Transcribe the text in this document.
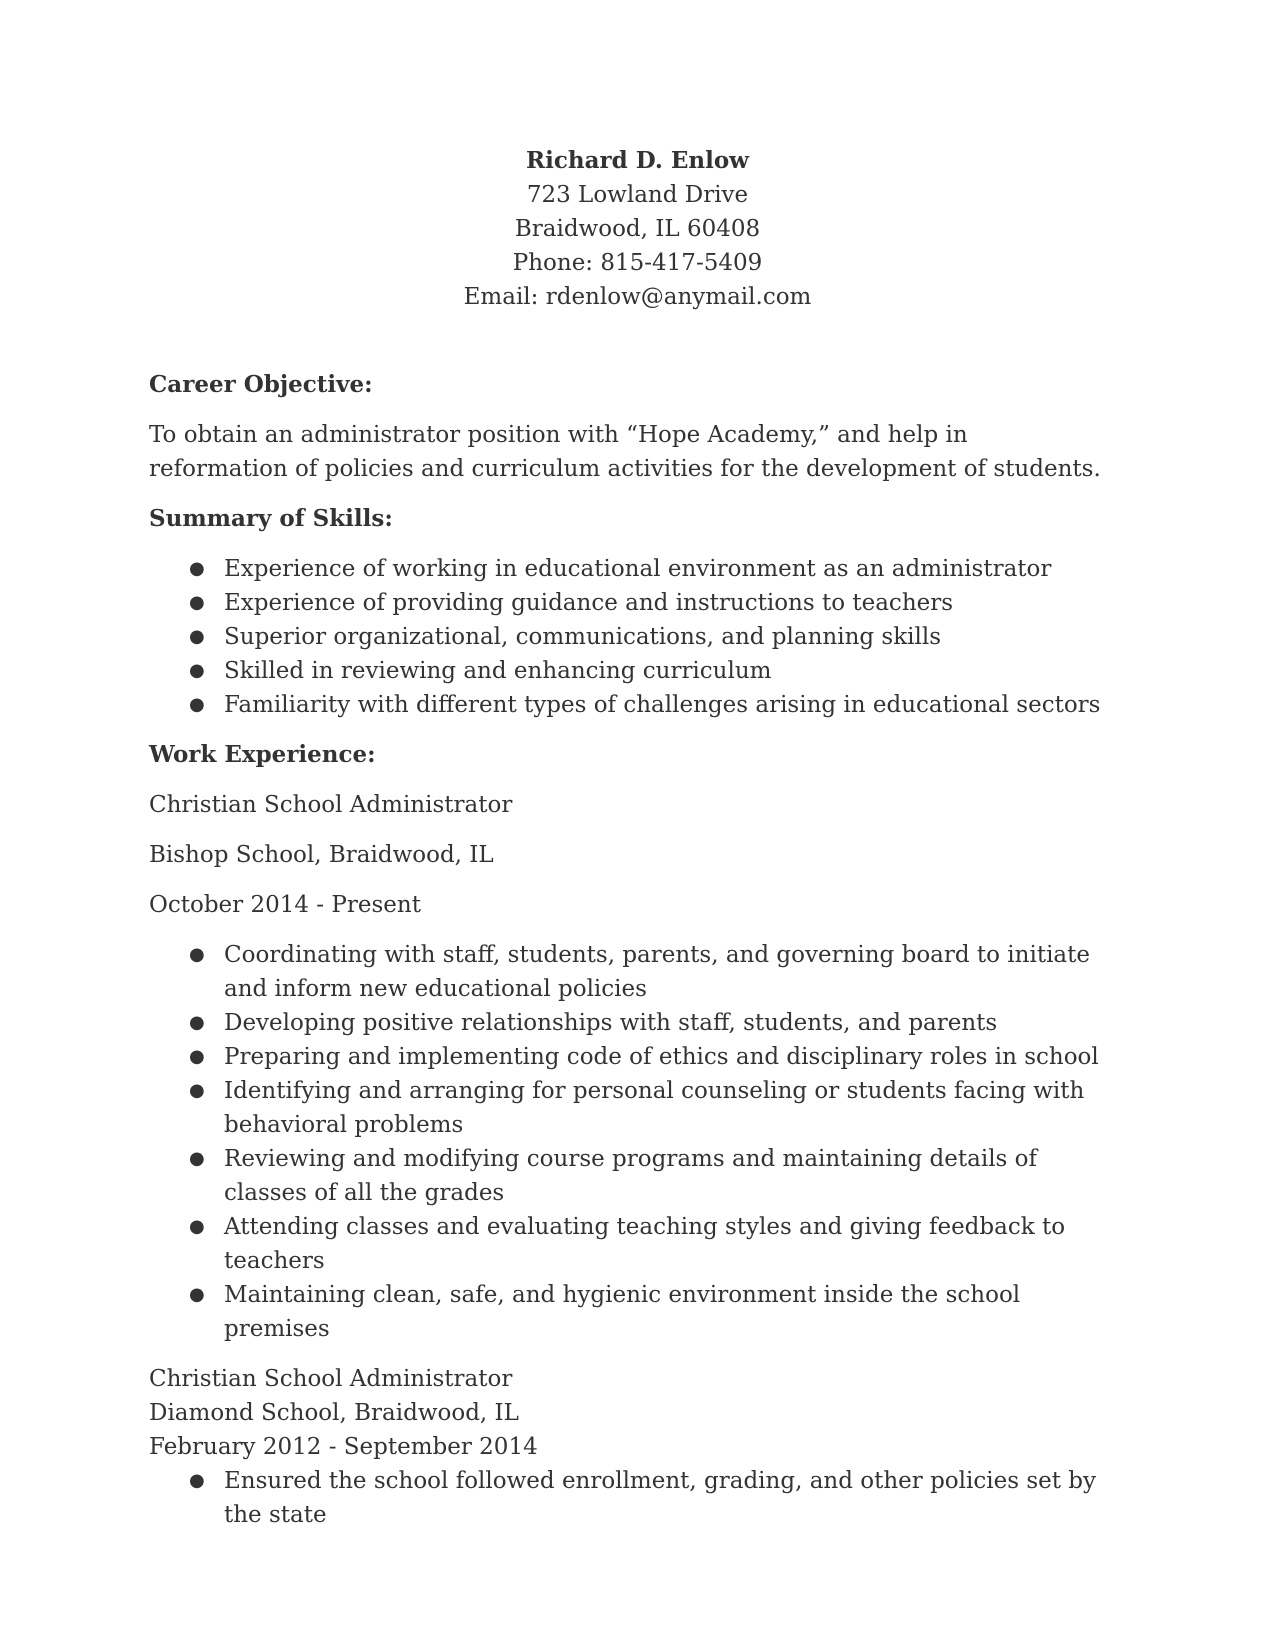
Richard D. Enlow
723 Lowland Drive
Braidwood, IL 60408
Phone: 815-417-5409
Email: rdenlow@anymail.com
Career Objective:
To obtain an administrator position with “Hope Academy,” and help in reformation of policies and curriculum activities for the development of students.
Summary of Skills:
● Experience of working in educational environment as an administrator
● Experience of providing guidance and instructions to teachers
● Superior organizational, communications, and planning skills
● Skilled in reviewing and enhancing curriculum
● Familiarity with different types of challenges arising in educational sectors
Work Experience:
Christian School Administrator
Bishop School, Braidwood, IL
October 2014 - Present
● Coordinating with staff, students, parents, and governing board to initiate and inform new educational policies
● Developing positive relationships with staff, students, and parents
● Preparing and implementing code of ethics and disciplinary roles in school
● Identifying and arranging for personal counseling or students facing with behavioral problems
● Reviewing and modifying course programs and maintaining details of classes of all the grades
● Attending classes and evaluating teaching styles and giving feedback to teachers
● Maintaining clean, safe, and hygienic environment inside the school premises
Christian School Administrator
Diamond School, Braidwood, IL
February 2012 - September 2014
● Ensured the school followed enrollment, grading, and other policies set by the state
